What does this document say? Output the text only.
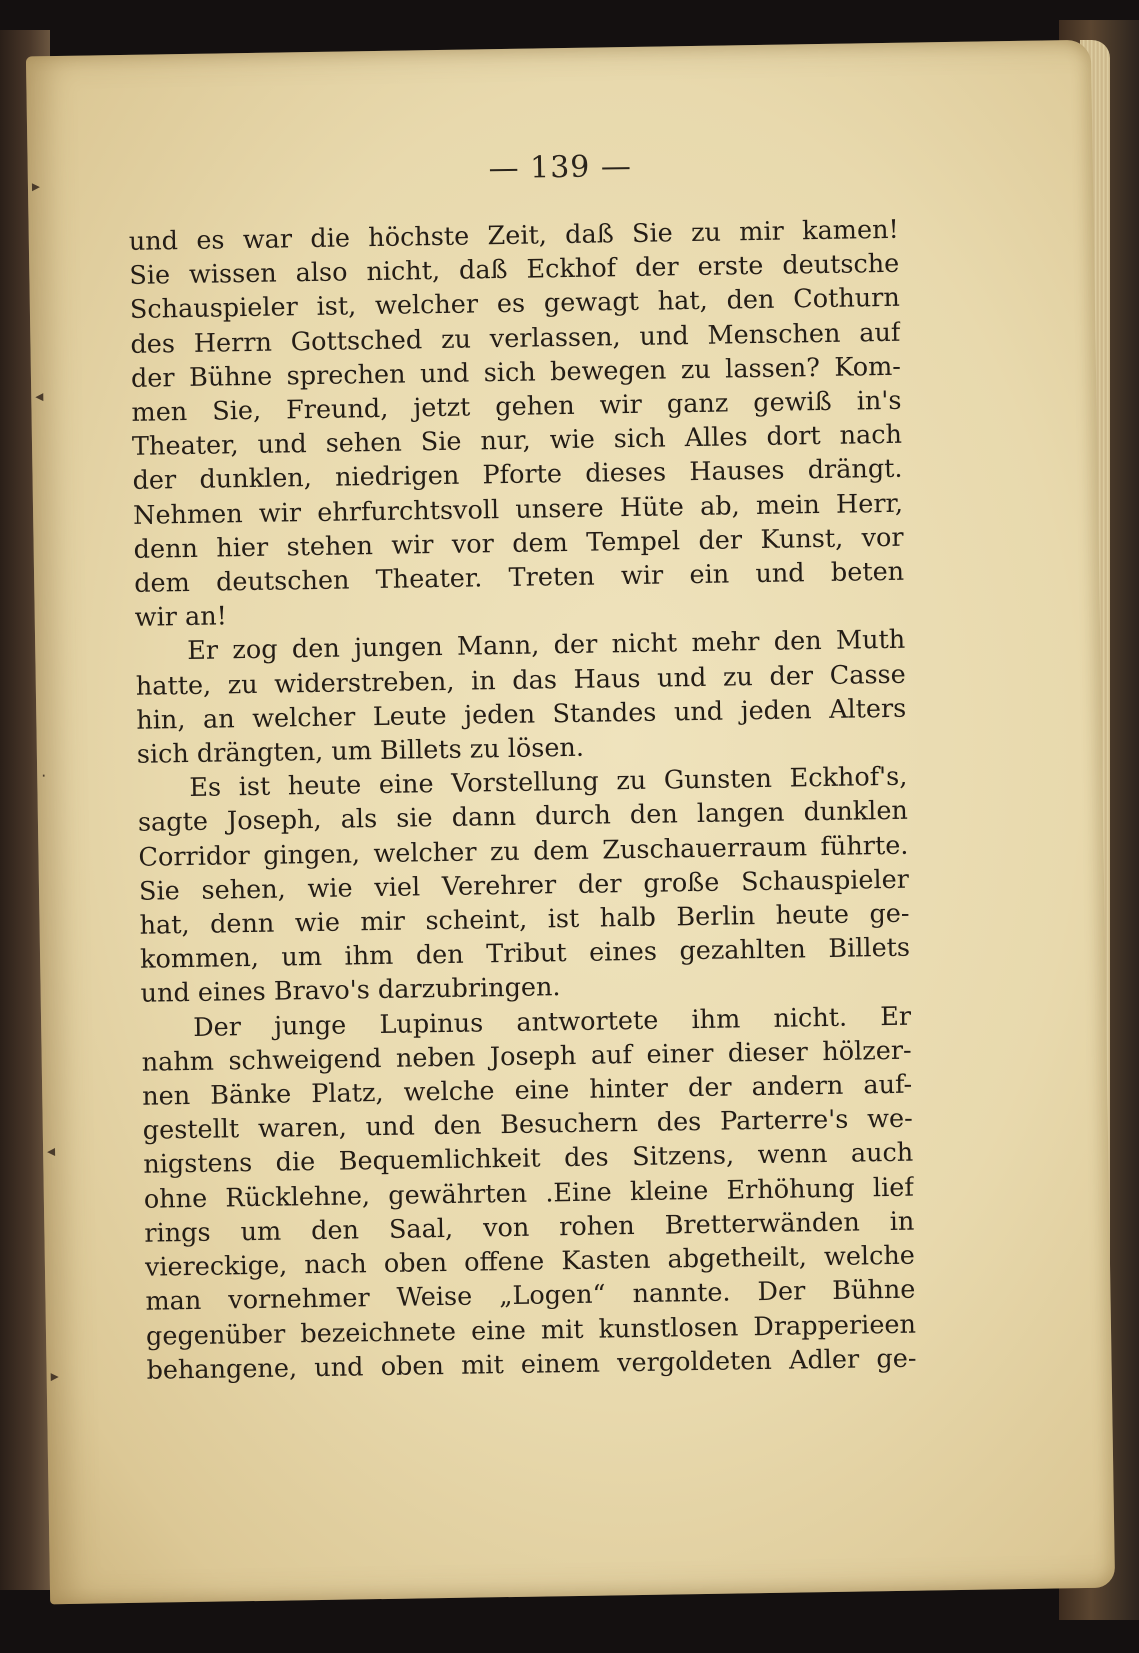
▸
◂
·
◂
▸
— 139 —
und es war die höchste Zeit, daß Sie zu mir kamen!
Sie wissen also nicht, daß Eckhof der erste deutsche
Schauspieler ist, welcher es gewagt hat, den Cothurn
des Herrn Gottsched zu verlassen, und Menschen auf
der Bühne sprechen und sich bewegen zu lassen? Kom-
men Sie, Freund, jetzt gehen wir ganz gewiß in's
Theater, und sehen Sie nur, wie sich Alles dort nach
der dunklen, niedrigen Pforte dieses Hauses drängt.
Nehmen wir ehrfurchtsvoll unsere Hüte ab, mein Herr,
denn hier stehen wir vor dem Tempel der Kunst, vor
dem deutschen Theater. Treten wir ein und beten
wir an!
Er zog den jungen Mann, der nicht mehr den Muth
hatte, zu widerstreben, in das Haus und zu der Casse
hin, an welcher Leute jeden Standes und jeden Alters
sich drängten, um Billets zu lösen.
Es ist heute eine Vorstellung zu Gunsten Eckhof's,
sagte Joseph, als sie dann durch den langen dunklen
Corridor gingen, welcher zu dem Zuschauerraum führte.
Sie sehen, wie viel Verehrer der große Schauspieler
hat, denn wie mir scheint, ist halb Berlin heute ge-
kommen, um ihm den Tribut eines gezahlten Billets
und eines Bravo's darzubringen.
Der junge Lupinus antwortete ihm nicht. Er
nahm schweigend neben Joseph auf einer dieser hölzer-
nen Bänke Platz, welche eine hinter der andern auf-
gestellt waren, und den Besuchern des Parterre's we-
nigstens die Bequemlichkeit des Sitzens, wenn auch
ohne Rücklehne, gewährten .Eine kleine Erhöhung lief
rings um den Saal, von rohen Bretterwänden in
viereckige, nach oben offene Kasten abgetheilt, welche
man vornehmer Weise „Logen“ nannte. Der Bühne
gegenüber bezeichnete eine mit kunstlosen Drapperieen
behangene, und oben mit einem vergoldeten Adler ge-
